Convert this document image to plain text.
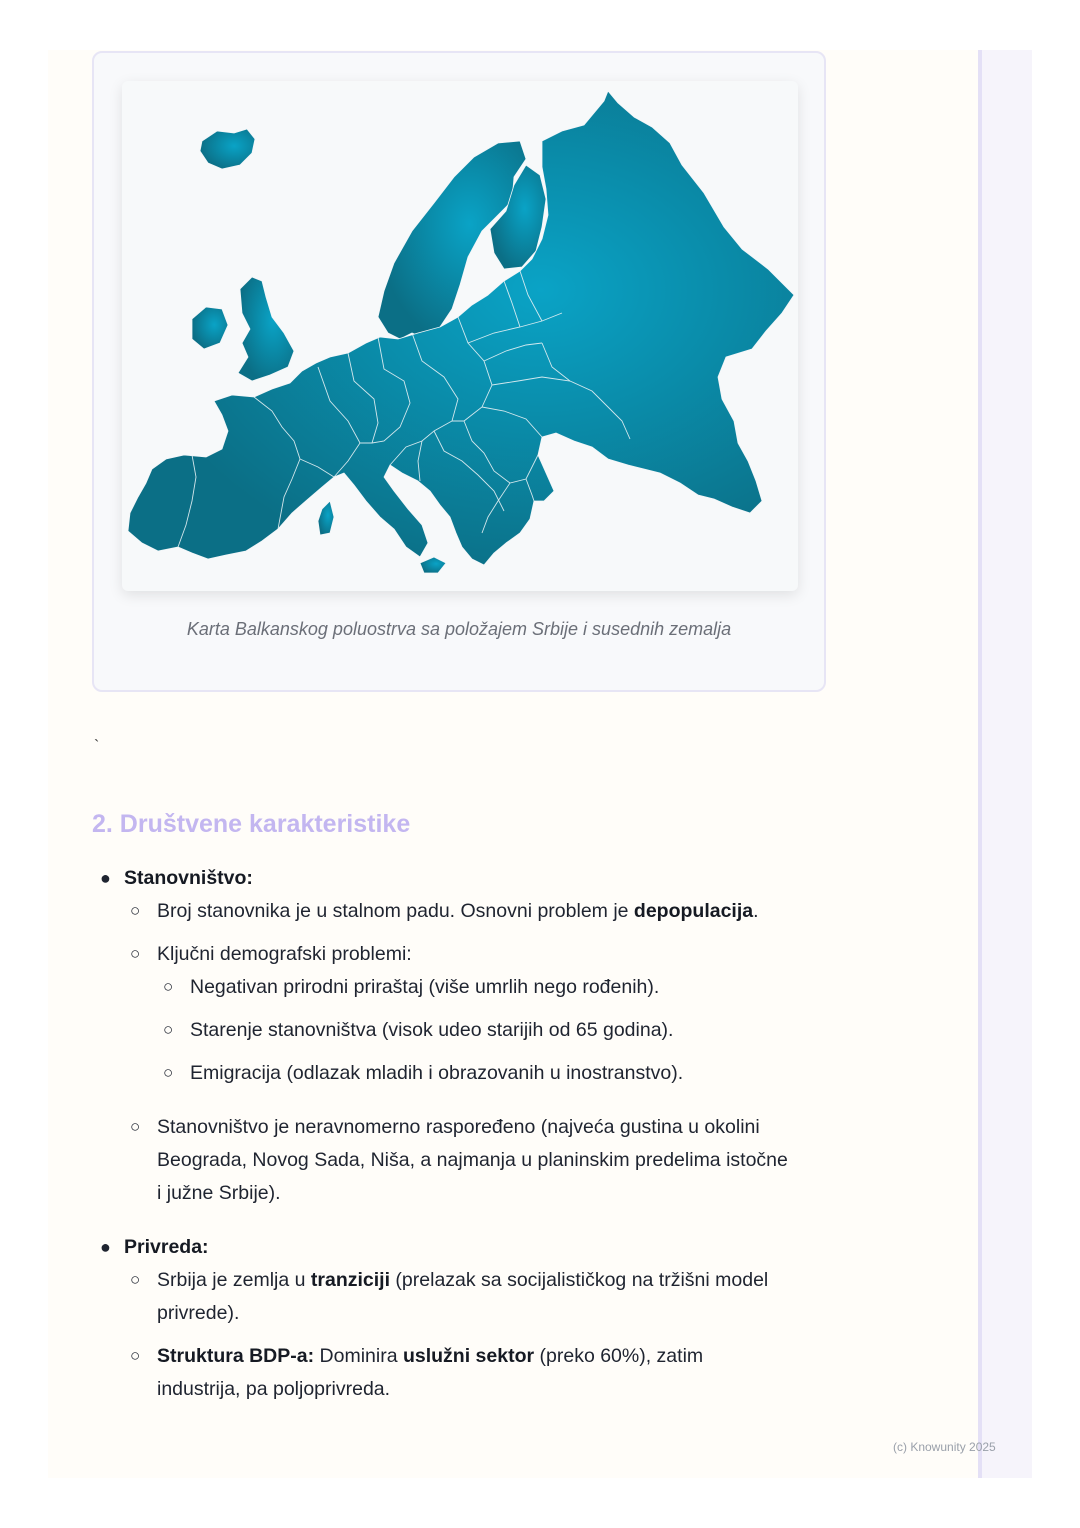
Karta Balkanskog poluostrva sa položajem Srbije i susednih zemalja
`
2. Društvene karakteristike
● Stanovništvo:
○ Broj stanovnika je u stalnom padu. Osnovni problem je depopulacija.
○ Ključni demografski problemi:
○ Negativan prirodni priraštaj (više umrlih nego rođenih).
○ Starenje stanovništva (visok udeo starijih od 65 godina).
○ Emigracija (odlazak mladih i obrazovanih u inostranstvo).
○ Stanovništvo je neravnomerno raspoređeno (najveća gustina u okolini
Beograda, Novog Sada, Niša, a najmanja u planinskim predelima istočne
i južne Srbije).
● Privreda:
○ Srbija je zemlja u tranziciji (prelazak sa socijalističkog na tržišni model
privrede).
○ Struktura BDP-a: Dominira uslužni sektor (preko 60%), zatim
industrija, pa poljoprivreda.
(c) Knowunity 2025
